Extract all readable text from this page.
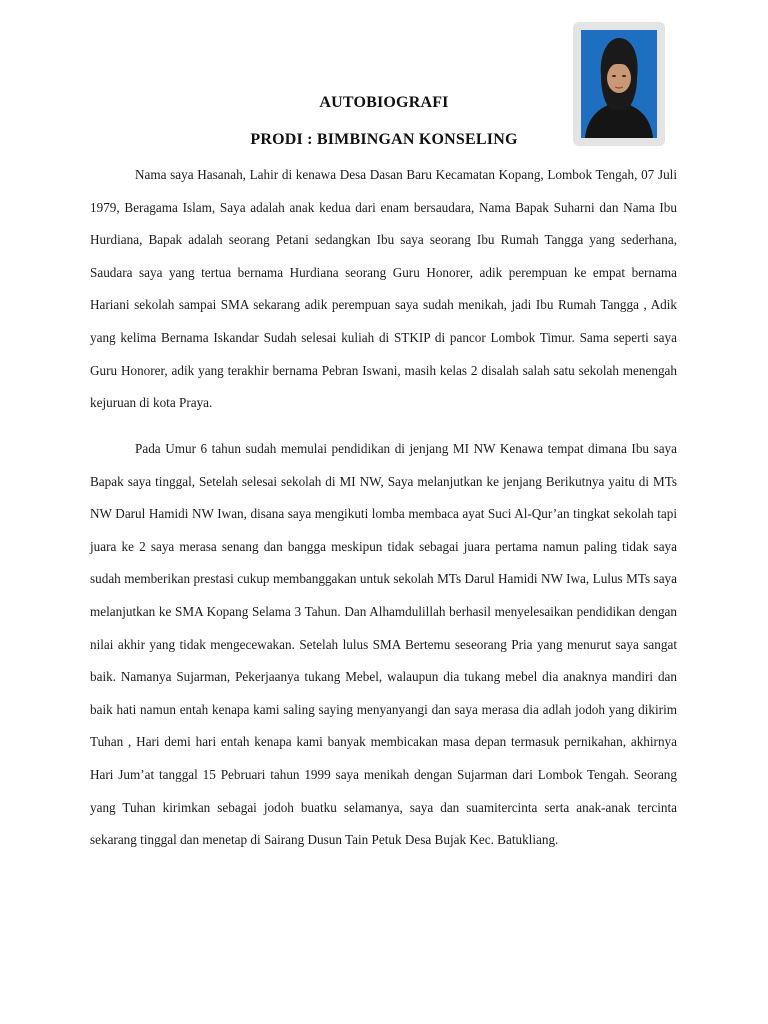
AUTOBIOGRAFI
PRODI : BIMBINGAN KONSELING

Nama saya Hasanah, Lahir di kenawa Desa Dasan Baru Kecamatan Kopang, Lombok Tengah, 07 Juli 1979, Beragama Islam, Saya adalah anak kedua dari enam bersaudara, Nama Bapak Suharni dan Nama Ibu Hurdiana, Bapak adalah seorang Petani sedangkan Ibu saya seorang Ibu Rumah Tangga yang sederhana, Saudara saya yang tertua bernama Hurdiana seorang Guru Honorer, adik perempuan ke empat bernama Hariani sekolah sampai SMA sekarang adik perempuan saya sudah menikah, jadi Ibu Rumah Tangga , Adik yang kelima Bernama Iskandar Sudah selesai kuliah di STKIP di pancor Lombok Timur. Sama seperti saya Guru Honorer, adik yang terakhir bernama Pebran Iswani, masih kelas 2 disalah salah satu sekolah menengah kejuruan di kota Praya.

Pada Umur 6 tahun sudah memulai pendidikan di jenjang MI NW Kenawa tempat dimana Ibu saya Bapak saya tinggal, Setelah selesai sekolah di MI NW, Saya melanjutkan ke jenjang Berikutnya yaitu di MTs NW Darul Hamidi NW Iwan, disana saya mengikuti lomba membaca ayat Suci Al-Qur’an tingkat sekolah tapi juara ke 2 saya merasa senang dan bangga meskipun tidak sebagai juara pertama namun paling tidak saya sudah memberikan prestasi cukup membanggakan untuk sekolah MTs Darul Hamidi NW Iwa, Lulus MTs saya melanjutkan ke SMA Kopang Selama 3 Tahun. Dan Alhamdulillah berhasil menyelesaikan pendidikan dengan nilai akhir yang tidak mengecewakan. Setelah lulus SMA Bertemu seseorang Pria yang menurut saya sangat baik. Namanya Sujarman, Pekerjaanya tukang Mebel, walaupun dia tukang mebel dia anaknya mandiri dan baik hati namun entah kenapa kami saling saying menyanyangi dan saya merasa dia adlah jodoh yang dikirim Tuhan , Hari demi hari entah kenapa kami banyak membicakan masa depan termasuk pernikahan, akhirnya Hari Jum’at tanggal 15 Pebruari tahun 1999 saya menikah dengan Sujarman dari Lombok Tengah. Seorang yang Tuhan kirimkan sebagai jodoh buatku selamanya, saya dan suamitercinta serta anak-anak tercinta sekarang tinggal dan menetap di Sairang Dusun Tain Petuk Desa Bujak Kec. Batukliang.
